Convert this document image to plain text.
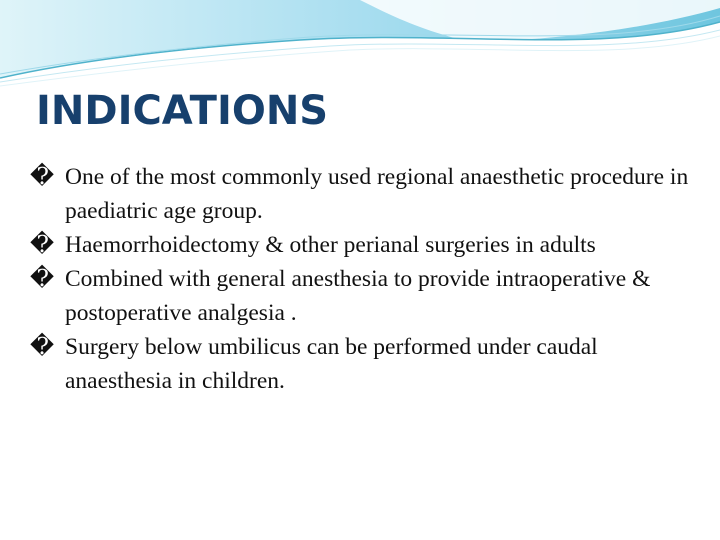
INDICATIONS
� One of the most commonly used regional anaesthetic procedure in paediatric age group.
� Haemorrhoidectomy & other perianal surgeries in adults
� Combined with general anesthesia to provide intraoperative & postoperative analgesia .
� Surgery below umbilicus can be performed under caudal anaesthesia in children.
